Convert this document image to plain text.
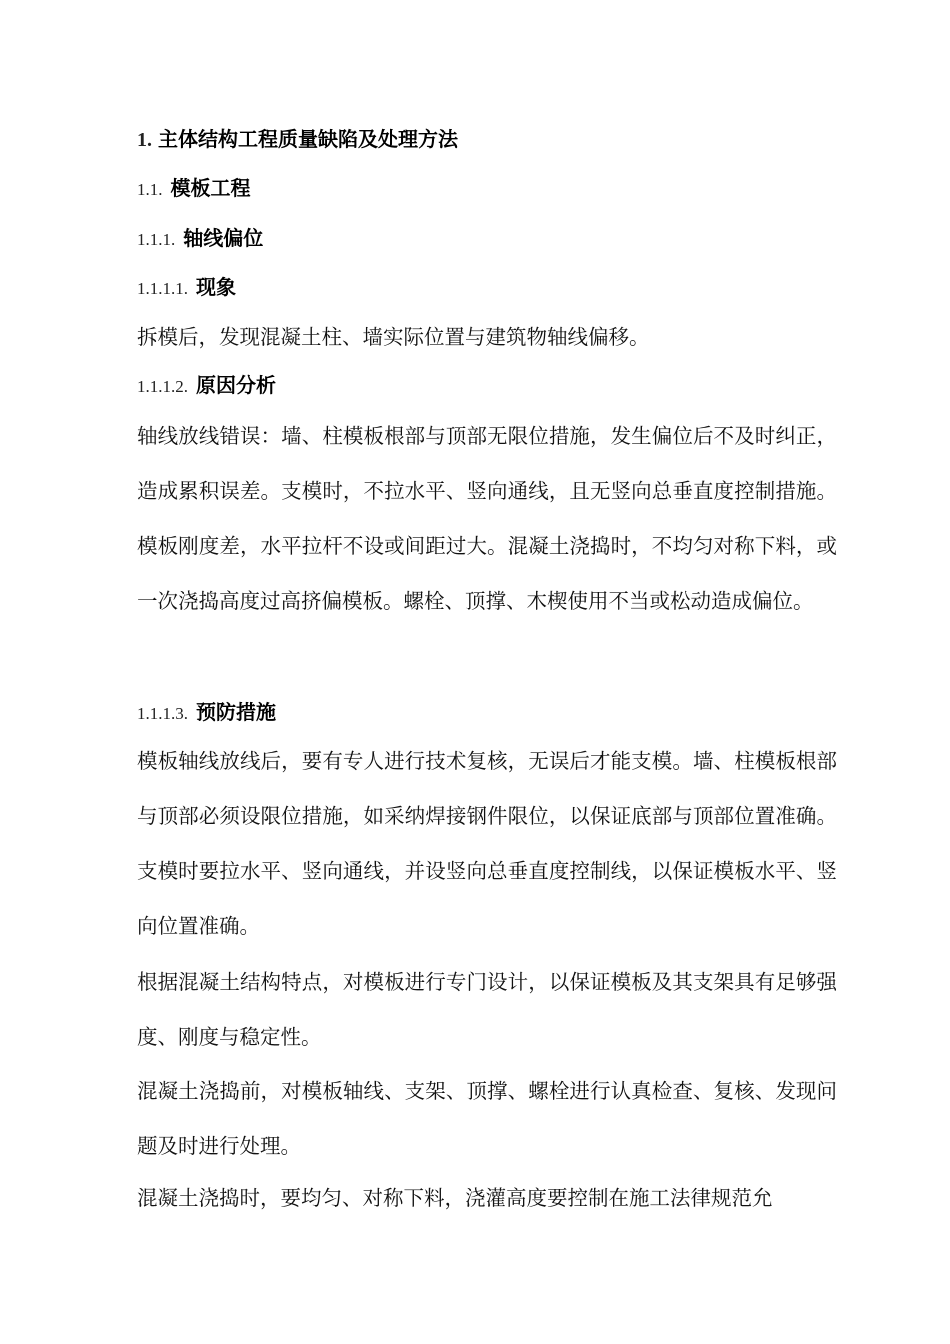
1. 主体结构工程质量缺陷及处理方法
1.1. 模板工程
1.1.1. 轴线偏位
1.1.1.1. 现象

拆模后，发现混凝土柱、墙实际位置与建筑物轴线偏移。

1.1.1.2. 原因分析

轴线放线错误：墙、柱模板根部与顶部无限位措施，发生偏位后不及时纠正，造成累积误差。支模时，不拉水平、竖向通线，且无竖向总垂直度控制措施。模板刚度差，水平拉杆不设或间距过大。混凝土浇捣时，不均匀对称下料，或一次浇捣高度过高挤偏模板。螺栓、顶撑、木楔使用不当或松动造成偏位。

1.1.1.3. 预防措施

模板轴线放线后，要有专人进行技术复核，无误后才能支模。墙、柱模板根部与顶部必须设限位措施，如采纳焊接钢件限位，以保证底部与顶部位置准确。支模时要拉水平、竖向通线，并设竖向总垂直度控制线，以保证模板水平、竖向位置准确。

根据混凝土结构特点，对模板进行专门设计，以保证模板及其支架具有足够强度、刚度与稳定性。

混凝土浇捣前，对模板轴线、支架、顶撑、螺栓进行认真检查、复核、发现问题及时进行处理。

混凝土浇捣时，要均匀、对称下料，浇灌高度要控制在施工法律规范允
